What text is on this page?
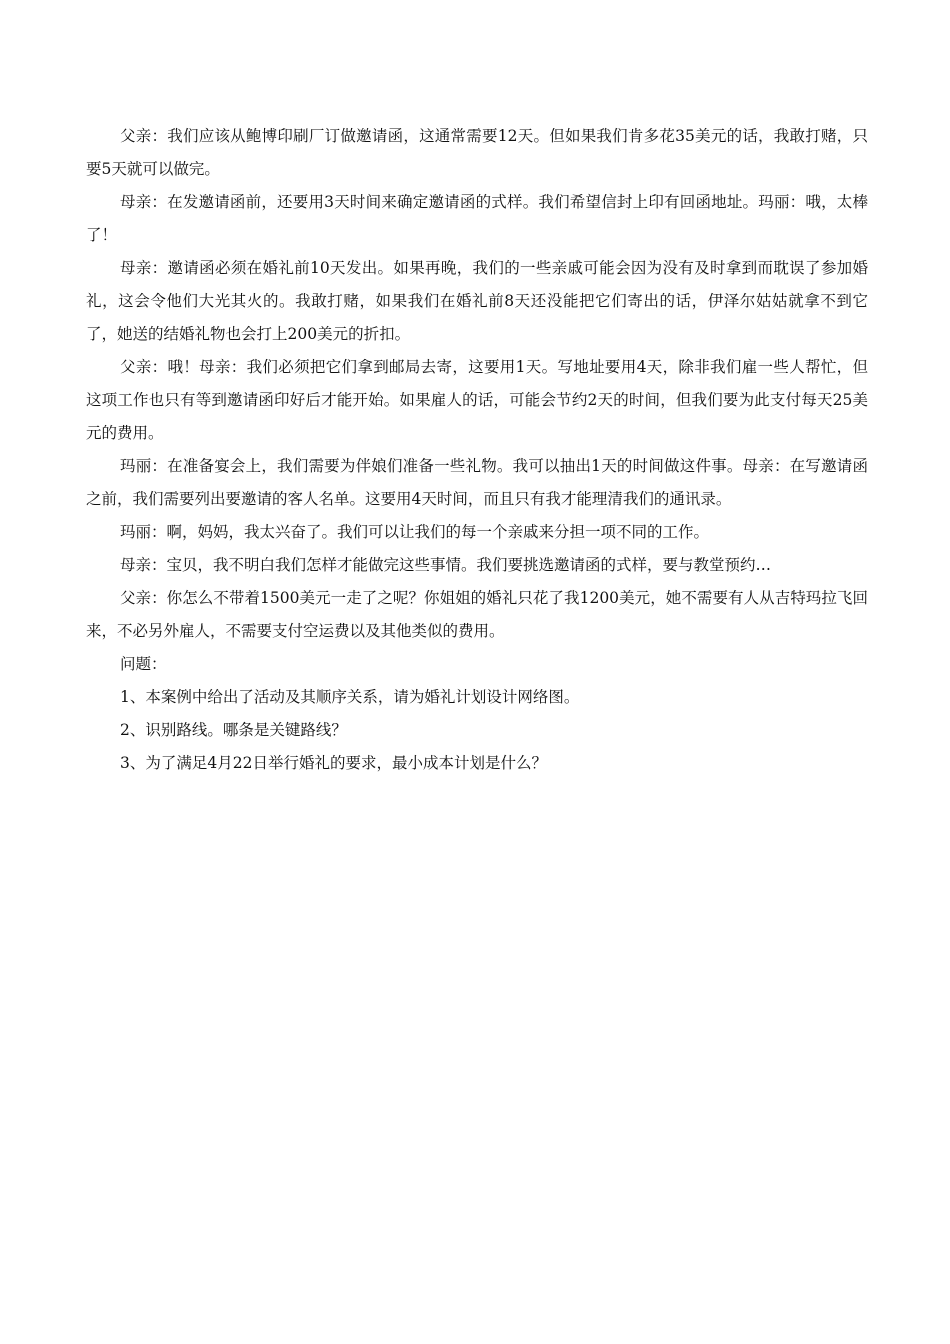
父亲：我们应该从鲍博印刷厂订做邀请函，这通常需要12天。但如果我们肯多花35美元的话，我敢打赌，只要5天就可以做完。

母亲：在发邀请函前，还要用3天时间来确定邀请函的式样。我们希望信封上印有回函地址。玛丽：哦，太棒了！

母亲：邀请函必须在婚礼前10天发出。如果再晚，我们的一些亲戚可能会因为没有及时拿到而耽误了参加婚礼，这会令他们大光其火的。我敢打赌，如果我们在婚礼前8天还没能把它们寄出的话，伊泽尔姑姑就拿不到它了，她送的结婚礼物也会打上200美元的折扣。

父亲：哦！母亲：我们必须把它们拿到邮局去寄，这要用1天。写地址要用4天，除非我们雇一些人帮忙，但这项工作也只有等到邀请函印好后才能开始。如果雇人的话，可能会节约2天的时间，但我们要为此支付每天25美元的费用。

玛丽：在准备宴会上，我们需要为伴娘们准备一些礼物。我可以抽出1天的时间做这件事。母亲：在写邀请函之前，我们需要列出要邀请的客人名单。这要用4天时间，而且只有我才能理清我们的通讯录。

玛丽：啊，妈妈，我太兴奋了。我们可以让我们的每一个亲戚来分担一项不同的工作。

母亲：宝贝，我不明白我们怎样才能做完这些事情。我们要挑选邀请函的式样，要与教堂预约…

父亲：你怎么不带着1500美元一走了之呢？你姐姐的婚礼只花了我1200美元，她不需要有人从吉特玛拉飞回来，不必另外雇人，不需要支付空运费以及其他类似的费用。

问题：

1、本案例中给出了活动及其顺序关系，请为婚礼计划设计网络图。

2、识别路线。哪条是关键路线？

3、为了满足4月22日举行婚礼的要求，最小成本计划是什么？
